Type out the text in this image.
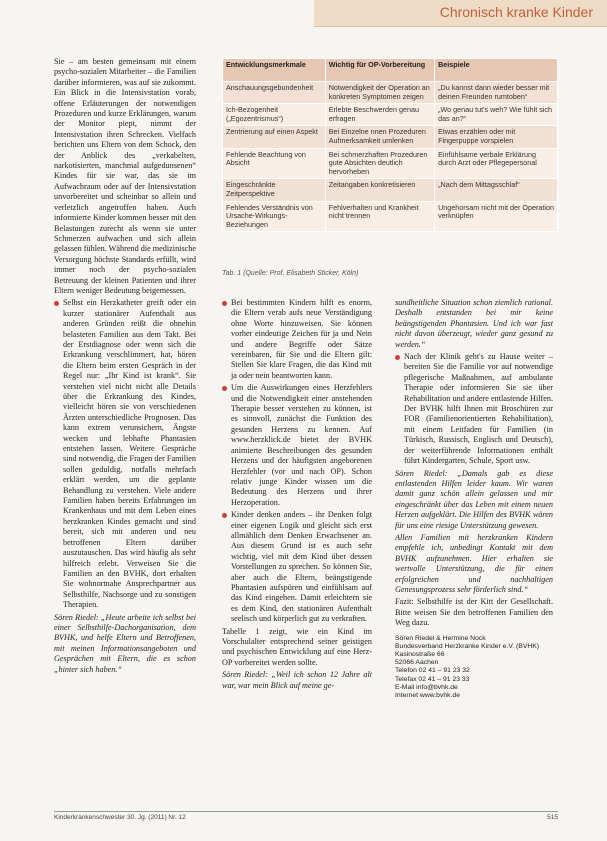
Chronisch kranke Kinder

Sie – am besten gemeinsam mit einem psycho-sozialen Mitarbeiter – die Familien darüber informieren, was auf sie zukommt. Ein Blick in die Intensivstation vorab, offene Erläuterungen der notwendigen Prozeduren und kurze Erklärungen, warum der Monitor piept, nimmt der Intensivstation ihren Schrecken. Vielfach berichten uns Eltern von dem Schock, den der Anblick des „verkabelten, narkotisierten, manchmal aufgedunsenen“ Kindes für sie war, das sie im Aufwachraum oder auf der Intensivstation unvorbereitet und scheinbar so allein und verletzlich angetroffen haben. Auch informierte Kinder kommen besser mit den Belastungen zurecht als wenn sie unter Schmerzen aufwachen und sich allein gelassen fühlen. Während die medizinische Versorgung höchste Standards erfüllt, wird immer noch der psycho-sozialen Betreuung der kleinen Patienten und ihrer Eltern weniger Bedeutung beigemessen.

Selbst ein Herzkatheter greift oder ein kurzer stationärer Aufenthalt aus anderen Gründen reißt die ohnehin belasteten Familien aus dem Takt. Bei der Erstdiagnose oder wenn sich die Erkrankung verschlimmert, hat, hören die Eltern beim ersten Gespräch in der Regel nur: „Ihr Kind ist krank“. Sie verstehen viel nicht nicht alle Details über die Erkrankung des Kindes, vielleicht hören sie von verschiedenen Ärzten unterschiedliche Prognosen. Das kann extrem verunsichern, Ängste wecken und lebhafte Phantasien entstehen lassen. Weitere Gespräche sind notwendig, die Fragen der Familien sollen geduldig, notfalls mehrfach erklärt werden, um die geplante Behandlung zu verstehen. Viele andere Familien haben bereits Erfahrungen im Krankenhaus und mit dem Leben eines herzkranken Kindes gemacht und sind bereit, sich mit anderen und neu betroffenen Eltern darüber auszutauschen. Das wird häufig als sehr hilfreich erlebt. Verweisen Sie die Familien an den BVHK, dort erhalten Sie wohnortnahe Ansprechpartner aus Selbsthilfe, Nachsorge und zu sonstigen Therapien.

Sören Riedel: „Heute arbeite ich selbst bei einer Selbsthilfe-Dachorganisation, dem BVHK, und helfe Eltern und Betroffenen, mit meinen Informationsangeboten und Gesprächen mit Eltern, die es schon „hinter sich haben.“

Entwicklungsmerkmale	Wichtig für OP-Vorbereitung	Beispiele
Anschauungsgebundenheit	Notwendigkeit der Operation an konkreten Symptomen zeigen	„Du kannst dann wieder besser mit deinen Freunden rumtoben“
Ich-Bezogenheit („Egozentrismus“)	Erlebte Beschwerden genau erfragen	„Wo genau tut's weh? Wie fühlt sich das an?“
Zentrierung auf einen Aspekt	Bei Einzelne nnen Prozeduren Aufmerksamkeit umlenken	Etwas erzählen oder mit Fingerpuppe vorspielen
Fehlende Beachtung von Absicht	Bei schmerzhaften Prozeduren gute Absichten deutlich hervorheben	Einfühlsame verbale Erklärung durch Arzt oder Pflegepersonal
Eingeschränkte Zeitperspektive	Zeitangaben konkretisieren	„Nach dem Mittagsschlaf“
Fehlendes Verständnis von Ursache-Wirkungs-Beziehungen	Fehlverhalten und Krankheit nicht trennen	Ungehorsam nicht mit der Operation verknüpfen
Tab. 1 (Quelle: Prof. Elisabeth Sticker, Köln)

Bei bestimmten Kindern hilft es enorm, die Eltern verab aufs neue Verständigung ohne Worte hinzuweisen. Sie können vorher eindeutige Zeichen für ja und Nein und andere Begriffe oder Sätze vereinbaren, für Sie und die Eltern gilt: Stellen Sie klare Fragen, die das Kind mit ja oder nein beantworten kann.

Um die Auswirkungen eines Herzfehlers und die Notwendigkeit einer anstehenden Therapie besser verstehen zu können, ist es sinnvoll, zunächst die Funktion des gesunden Herzens zu kennen. Auf www.herzklick.de bietet der BVHK animierte Beschreibungen des gesunden Herzens und der häufigsten angeborenen Herzfehler (vor und nach OP). Schon relativ junge Kinder wissen um die Bedeutung des Herzens und ihrer Herzoperation.

Kinder denken anders – ihr Denken folgt einer eigenen Logik und gleicht sich erst allmählich dem Denken Erwachsener an. Aus diesem Grund ist es auch sehr wichtig, viel mit dem Kind über dessen Vorstellungen zu sprechen. So können Sie, aber auch die Eltern, beängstigende Phantasien aufspüren und einfühlsam auf das Kind eingehen. Damit erleichtern sie es dem Kind, den stationären Aufenthalt seelisch und körperlich gut zu verkraften.

Tabelle 1 zeigt, wie ein Kind im Vorschulalter entsprechend seiner geistigen und psychischen Entwicklung auf eine Herz-OP vorbereitet werden sollte.

Sören Riedel: „Weil ich schon 12 Jahre alt war, war mein Blick auf meine ge-

sundheitliche Situation schon ziemlich rational. Deshalb entstanden bei mir keine beängstigenden Phantasien. Und ich war fast nicht davon überzeugt, wieder ganz gesund zu werden.“

Nach der Klinik geht's zu Hause weiter – bereiten Sie die Familie vor auf notwendige pflegerische Maßnahmen, auf ambulante Therapie oder informieren Sie sie über Rehabilitation und andere entlastende Hilfen. Der BVHK hilft Ihnen mit Broschüren zur FOR (Familienorientierten Rehabilitation), mit einem Leitfaden für Familien (in Türkisch, Russisch, Englisch und Deutsch), der weiterführende Informationen enthält führt Kindergarten, Schule, Sport usw.

Sören Riedel: „Damals gab es diese entlastenden Hilfen leider kaum. Wir waren damit ganz schön allein gelassen und mir eingeschränkt über das Leben mit einem neuen Herzen aufgeklärt. Die Hilfen des BVHK wären für uns eine riesige Unterstützung gewesen.

Allen Familien mit herzkranken Kindern empfehle ich, unbedingt Kontakt mit dem BVHK aufzunehmen. Hier erhalten sie wertvolle Unterstützung, die für einen erfolgreichen und nachhaltigen Genesungsprozess sehr förderlich sind.“

Fazit: Selbsthilfe ist der Kitt der Gesellschaft. Bitte weisen Sie den betroffenen Familien den Weg dazu.

Sören Riedel & Hermine Nock
Bundesverband Herzkranke Kinder e.V. (BVHK)
Kasinostraße 66
52066 Aachen
Telefon 02 41 – 91 23 32
Telefax 02 41 – 91 23 33
E-Mail info@bvhk.de
Internet www.bvhk.de
Kinderkrankenschwester 30. Jg. (2011) Nr. 12	515
